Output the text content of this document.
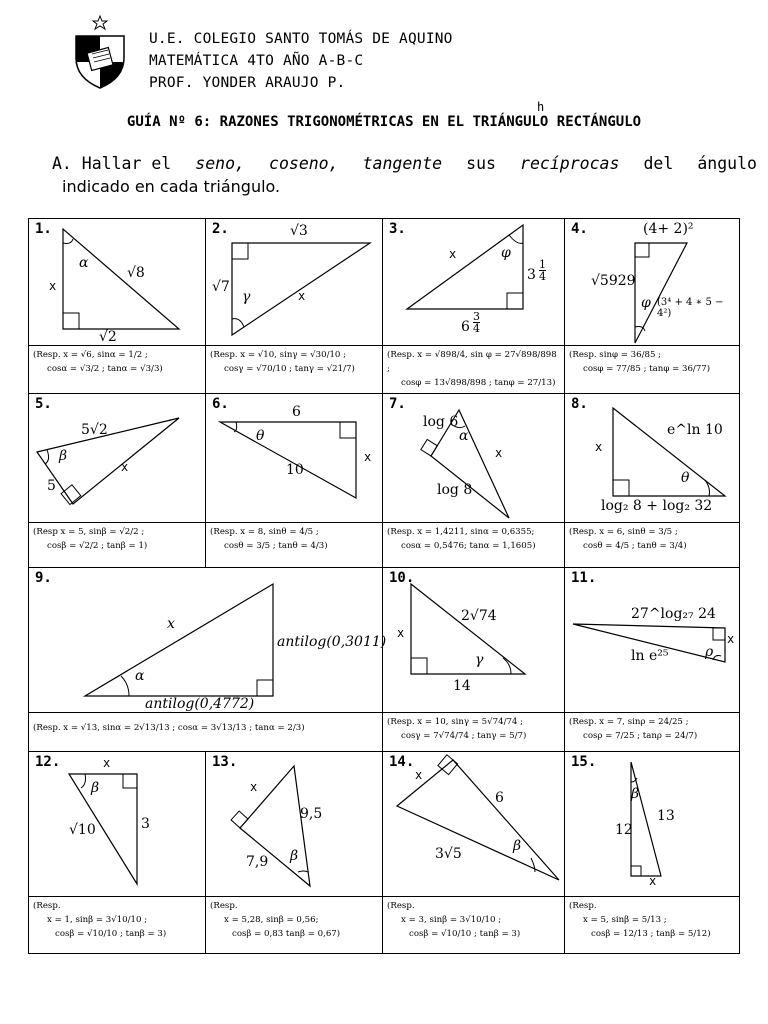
U.E. COLEGIO SANTO TOMÁS DE AQUINO
MATEMÁTICA 4TO AÑO A-B-C
PROF. YONDER ARAUJO P.
h
GUÍA Nº 6: RAZONES TRIGONOMÉTRICAS EN EL TRIÁNGULO RECTÁNGULO
A. Hallar el seno, coseno, tangente sus recíprocas del ángulo
indicado en cada triángulo.
1.
α
√8
√2
x
2.	√3
√7
γ	x
3.
x	φ
$3 \frac{1}{4}$
$6 \frac{3}{4}$
4.	(4+ 2)²
√5929
φ (3⁴ + 4 ∗ 5 − 4²)
(Resp. x = √6, sinα = 1/2 ;
cosα = √3/2 ; tanα = √3/3)
(Resp. x = √10, sinγ = √30/10 ;
cosγ = √70/10 ; tanγ = √21/7)
(Resp. x = √898/4, sin φ = 27√898/898 ;
cosφ = 13√898/898 ; tanφ = 27/13)
(Resp. sinφ = 36/85 ;
cosφ = 77/85 ; tanφ = 36/77)
5.
5√2
β
5
x
6.	6
θ
10
x
7.
log 6
α
x
log 8
8.
e^ln 10
x
θ
log₂ 8 + log₂ 32
(Resp x = 5, sinβ = √2/2 ;
cosβ = √2/2 ; tanβ = 1)
(Resp. x = 8, sinθ = 4/5 ;
cosθ = 3/5 ; tanθ = 4/3)
(Resp. x = 1,4211, sinα = 0,6355;
cosα = 0,5476; tanα = 1,1605)
(Resp. x = 6, sinθ = 3/5 ;
cosθ = 4/5 ; tanθ = 3/4)
9.
x
α
antilog(0,3011)
antilog(0,4772)
10.
2√74
x
γ
14
11.
27^log₂₇ 24
x
ρ
ln e²⁵
(Resp. x = √13, sinα = 2√13/13 ; cosα = 3√13/13 ; tanα = 2/3)
(Resp. x = 10, sinγ = 5√74/74 ;
cosγ = 7√74/74 ; tanγ = 5/7)
(Resp. x = 7, sinρ = 24/25 ;
cosρ = 7/25 ; tanρ = 24/7)
12.	x
β
√10	3
13.
x
9,5
β
7,9
14.
x
6
3√5	β
15.
β
12
13
x
(Resp.
x = 1, sinβ = 3√10/10 ;
cosβ = √10/10 ; tanβ = 3)
(Resp.
x = 5,28, sinβ = 0,56;
cosβ = 0,83 tanβ = 0,67)
(Resp.
x = 3, sinβ = 3√10/10 ;
cosβ = √10/10 ; tanβ = 3)
(Resp.
x = 5, sinβ = 5/13 ;
cosβ = 12/13 ; tanβ = 5/12)
